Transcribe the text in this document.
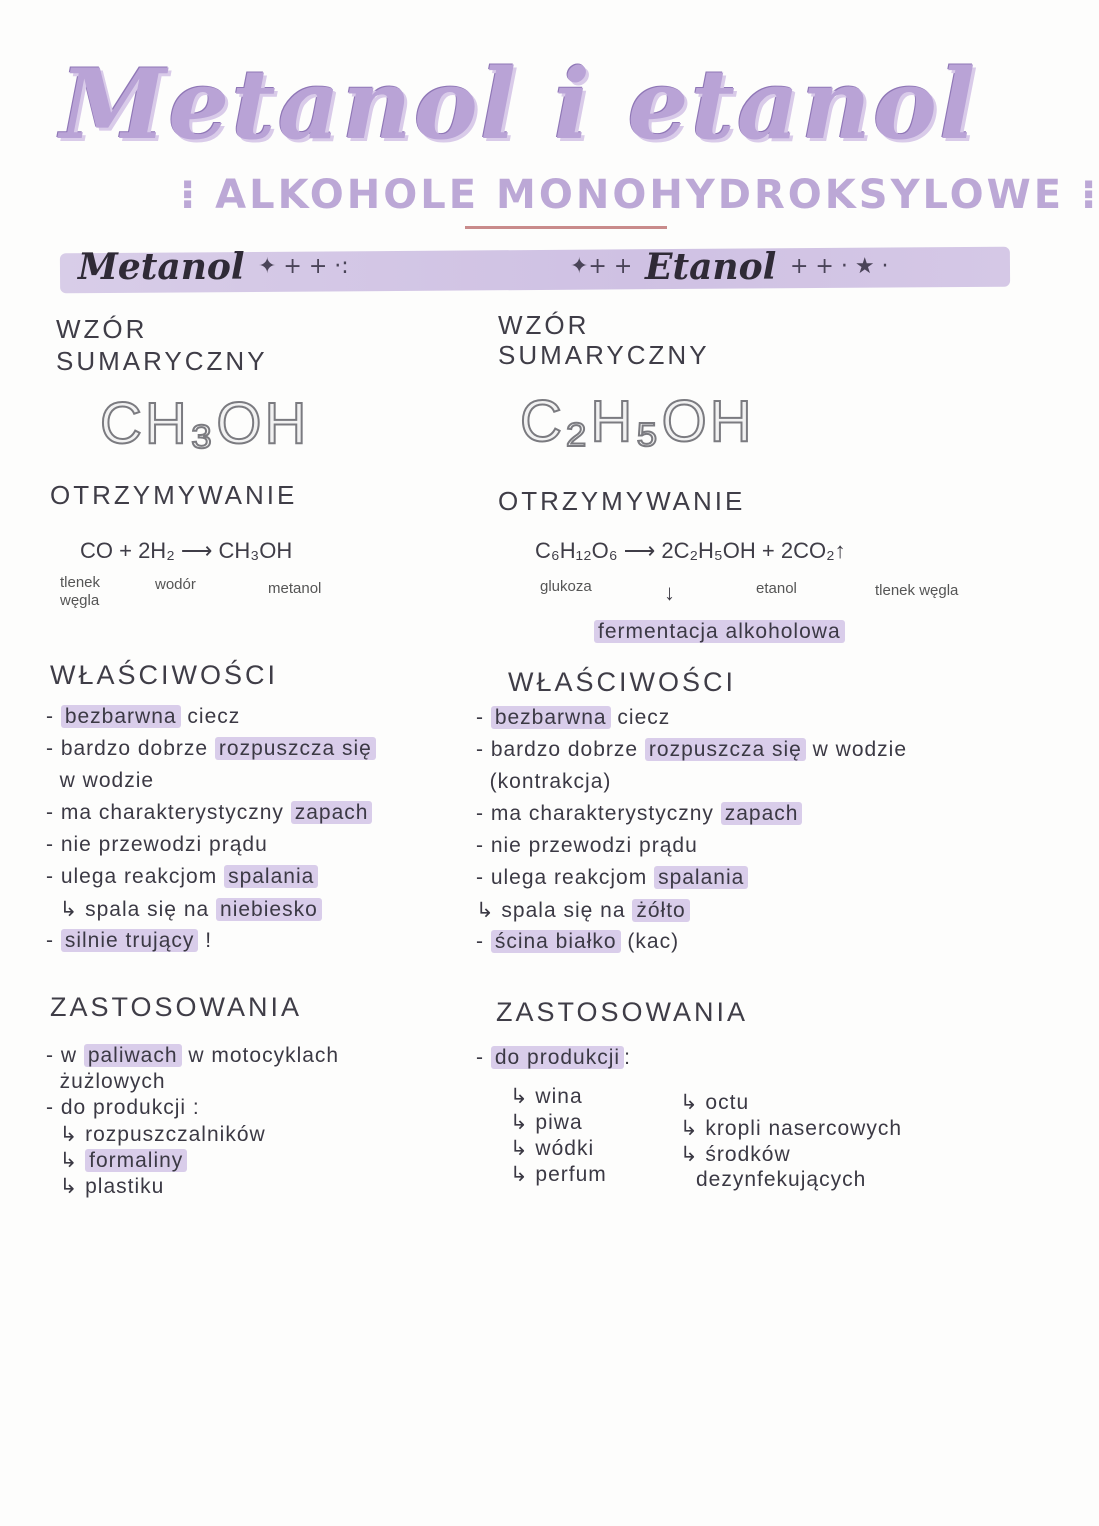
Metanol i etanol
⁝ ALKOHOLE MONOHYDROKSYLOWE ⁝
Metanol ✦ + + ·:	✦+ + Etanol + + · ★ ·
WZÓR
SUMARYCZNY
CH₃OH
OTRZYMYWANIE
CO + 2H₂ ⟶ CH₃OH
tlenek
węgla
wodór	metanol
WŁAŚCIWOŚCI
- bezbarwna ciecz
- bardzo dobrze rozpuszcza się
w wodzie
- ma charakterystyczny zapach
- nie przewodzi prądu
- ulega reakcjom spalania
↳ spala się na niebiesko
- silnie trujący !
ZASTOSOWANIA
- w paliwach w motocyklach
żużlowych
- do produkcji :
↳ rozpuszczalników
↳ formaliny
↳ plastiku
WZÓR
SUMARYCZNY
C₂H₅OH
OTRZYMYWANIE
C₆H₁₂O₆ ⟶ 2C₂H₅OH + 2CO₂↑
glukoza	↓	etanol	tlenek węgla
fermentacja alkoholowa
WŁAŚCIWOŚCI
- bezbarwna ciecz
- bardzo dobrze rozpuszcza się w wodzie
(kontrakcja)
- ma charakterystyczny zapach
- nie przewodzi prądu
- ulega reakcjom spalania
↳ spala się na żółto
- ścina białko (kac)
ZASTOSOWANIA
- do produkcji :
↳ wina
↳ piwa
↳ wódki
↳ perfum
↳ octu
↳ kropli nasercowych
↳ środków
dezynfekujących
